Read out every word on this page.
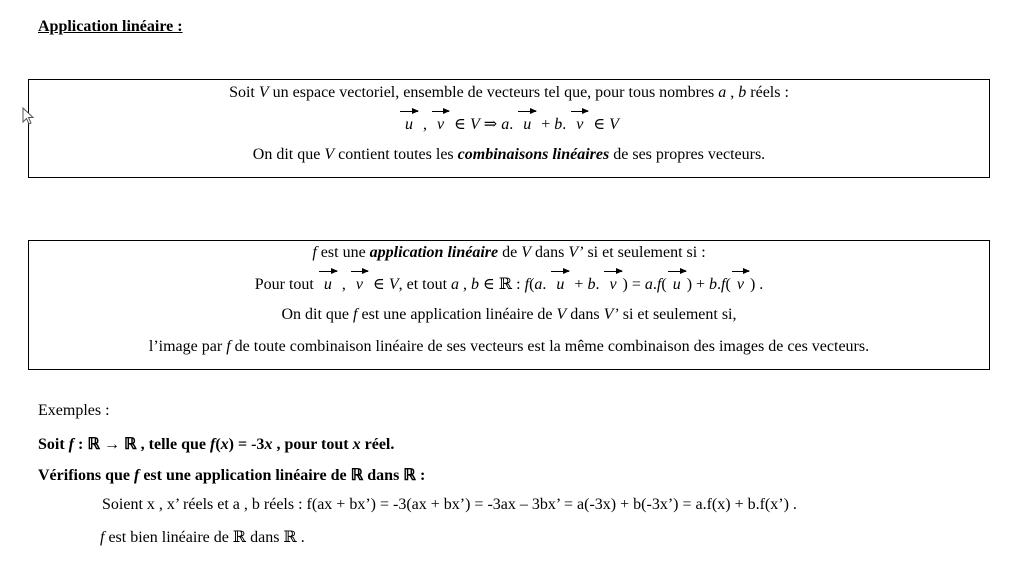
Application linéaire :
Soit V un espace vectoriel, ensemble de vecteurs tel que, pour tous nombres a , b réels :
u , v ∈ V ⇒ a. u + b. v ∈ V
On dit que V contient toutes les combinaisons linéaires de ses propres vecteurs.
f est une application linéaire de V dans V’ si et seulement si :
Pour tout u , v ∈ V, et tout a , b ∈ ℝ : f(a. u + b. v ) = a.f( u ) + b.f( v ) .
On dit que f est une application linéaire de V dans V’ si et seulement si,
l’image par f de toute combinaison linéaire de ses vecteurs est la même combinaison des images de ces vecteurs.
Exemples :
Soit f : ℝ → ℝ , telle que f(x) = -3x , pour tout x réel.
Vérifions que f est une application linéaire de ℝ dans ℝ :
Soient x , x’ réels et a , b réels : f(ax + bx’) = -3(ax + bx’) = -3ax – 3bx’ = a(-3x) + b(-3x’) = a.f(x) + b.f(x’) .
f est bien linéaire de ℝ dans ℝ .
